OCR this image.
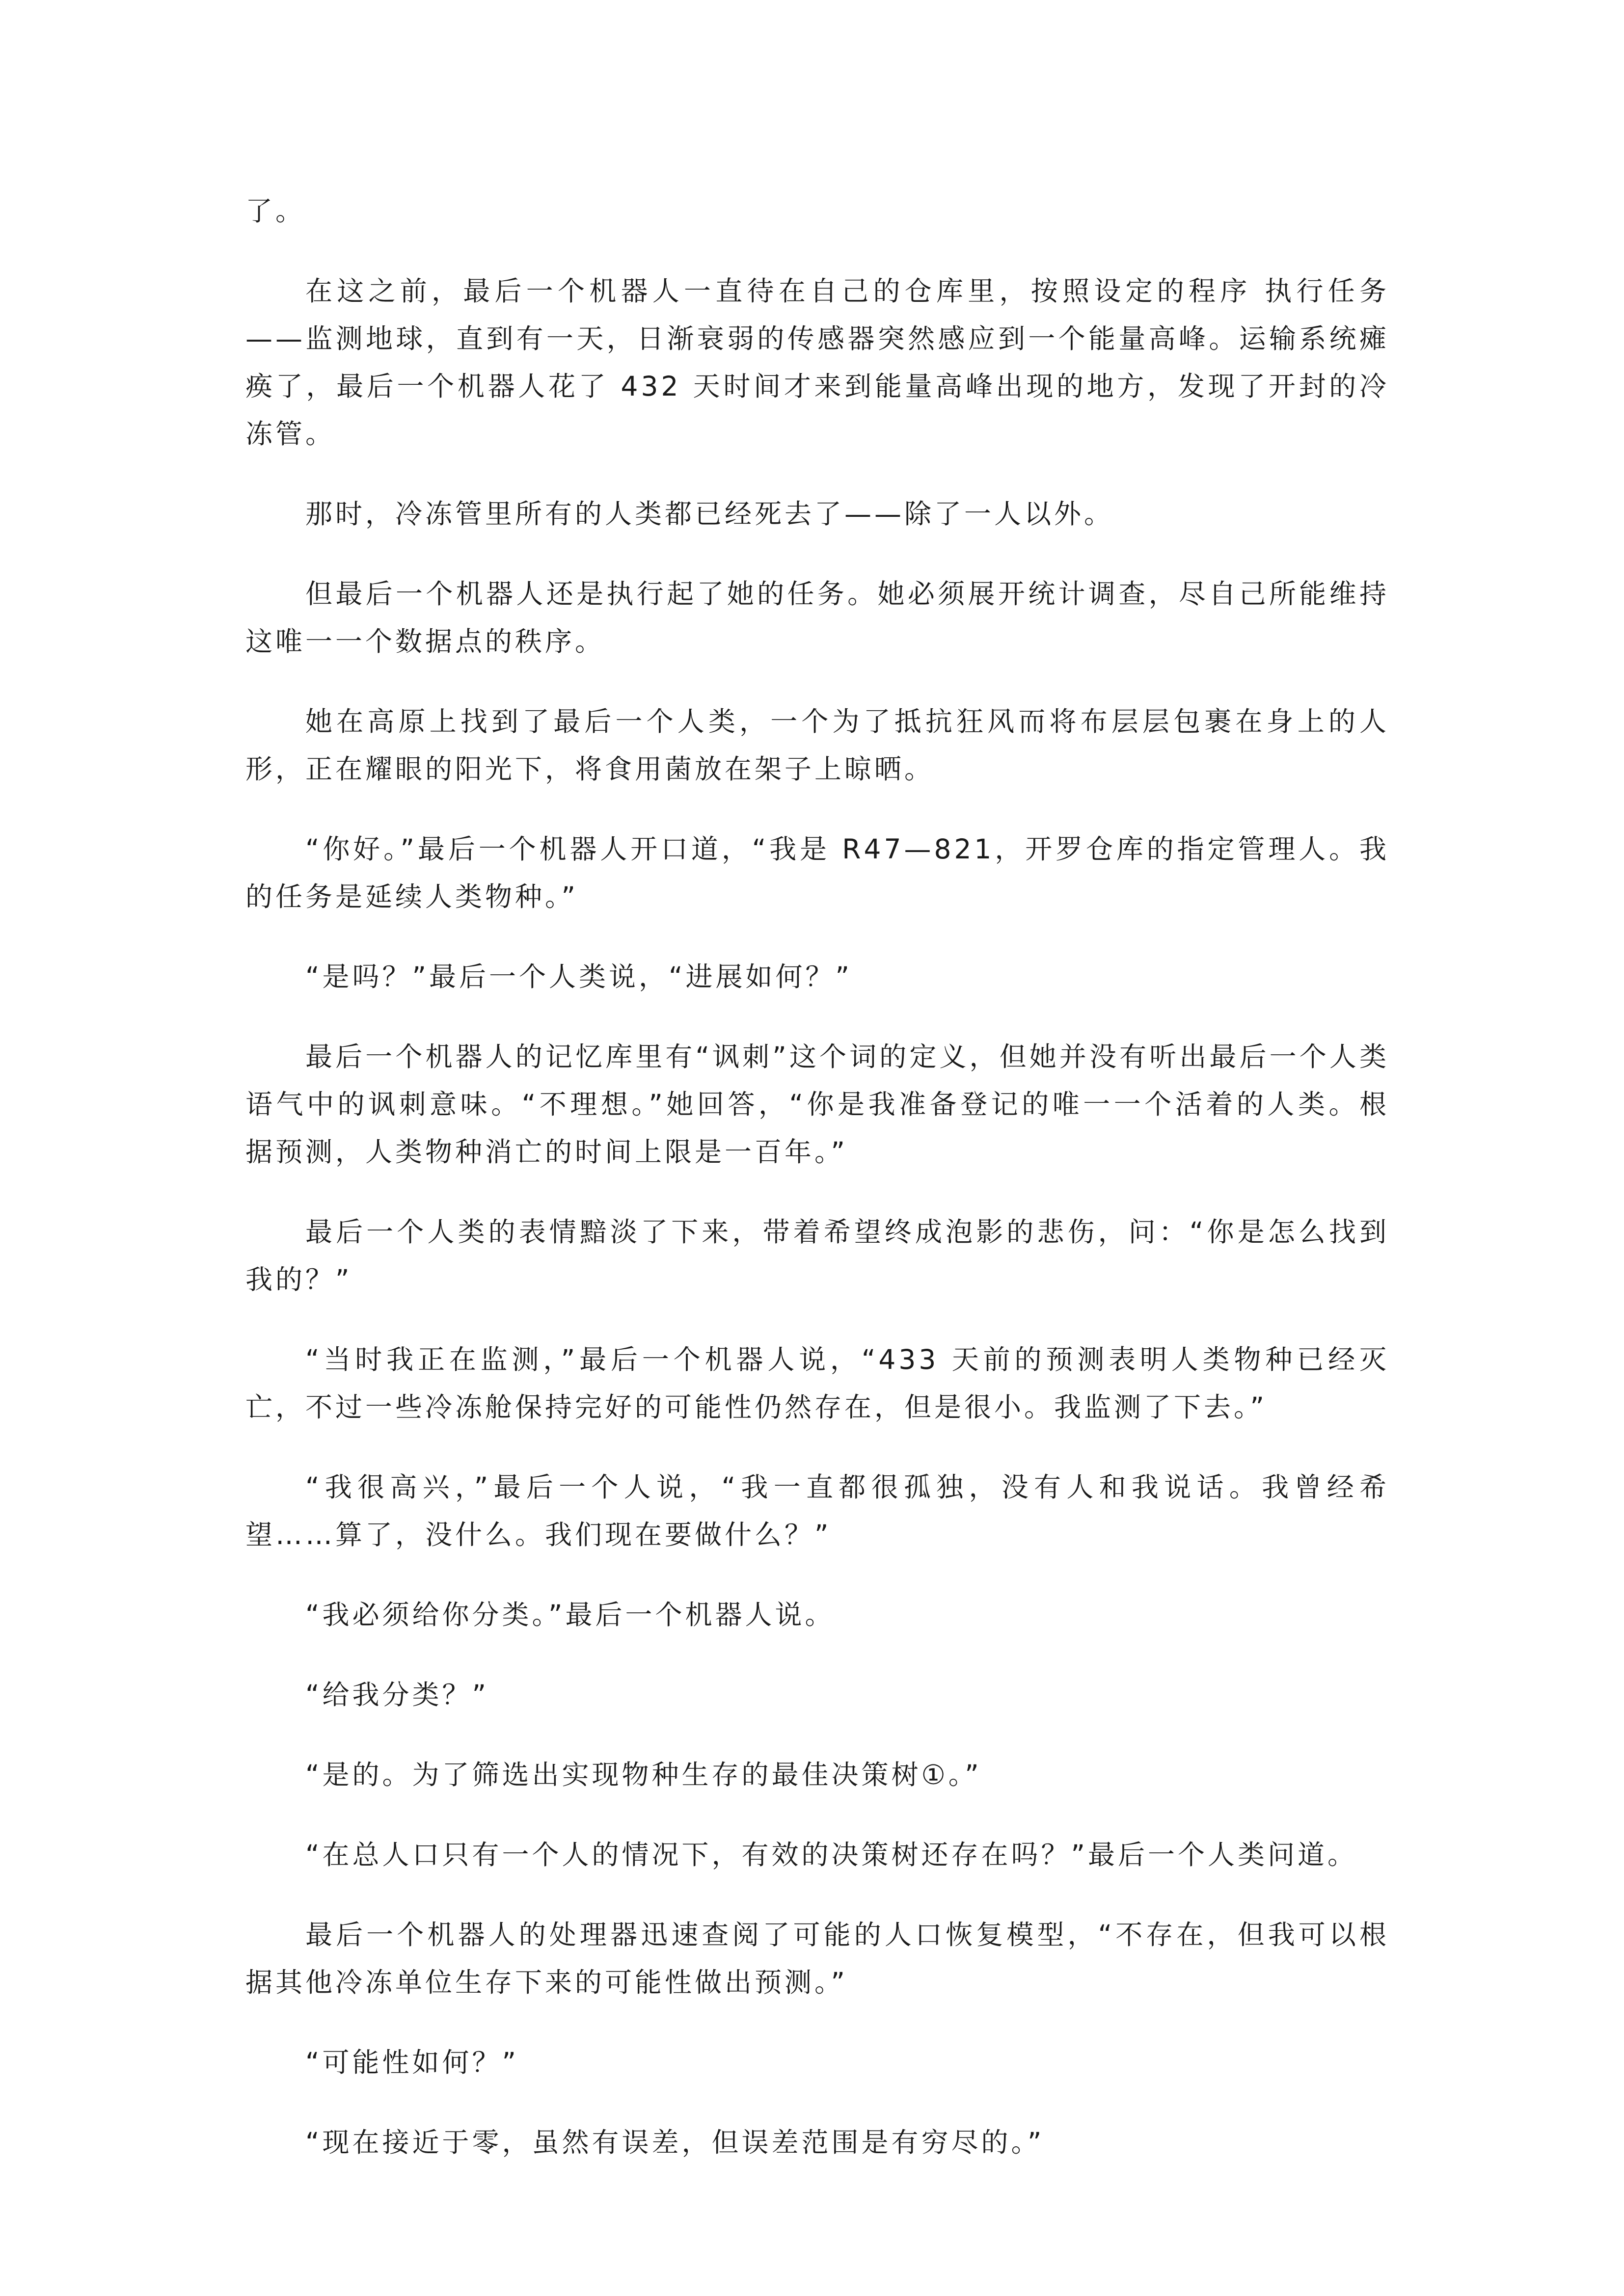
了。

在这之前，最后一个机器人一直待在自己的仓库里，按照设定的程序 执行任务——监测地球，直到有一天，日渐衰弱的传感器突然感应到一个能量高峰。运输系统瘫痪了，最后一个机器人花了 432 天时间才来到能量高峰出现的地方，发现了开封的冷冻管。

那时，冷冻管里所有的人类都已经死去了——除了一人以外。

但最后一个机器人还是执行起了她的任务。她必须展开统计调查，尽自己所能维持这唯一一个数据点的秩序。

她在高原上找到了最后一个人类，一个为了抵抗狂风而将布层层包裹在身上的人形，正在耀眼的阳光下，将食用菌放在架子上晾晒。

“你好。”最后一个机器人开口道，“我是 R47—821，开罗仓库的指定管理人。我的任务是延续人类物种。”

“是吗？”最后一个人类说，“进展如何？”

最后一个机器人的记忆库里有“讽刺”这个词的定义，但她并没有听出最后一个人类语气中的讽刺意味。“不理想。”她回答，“你是我准备登记的唯一一个活着的人类。根据预测，人类物种消亡的时间上限是一百年。”

最后一个人类的表情黯淡了下来，带着希望终成泡影的悲伤，问：“你是怎么找到我的？”

“当时我正在监测，”最后一个机器人说，“433 天前的预测表明人类物种已经灭亡，不过一些冷冻舱保持完好的可能性仍然存在，但是很小。我监测了下去。”

“我很高兴，”最后一个人说，“我一直都很孤独，没有人和我说话。我曾经希望……算了，没什么。我们现在要做什么？”

“我必须给你分类。”最后一个机器人说。

“给我分类？”

“是的。为了筛选出实现物种生存的最佳决策树①。”

“在总人口只有一个人的情况下，有效的决策树还存在吗？”最后一个人类问道。

最后一个机器人的处理器迅速查阅了可能的人口恢复模型，“不存在，但我可以根据其他冷冻单位生存下来的可能性做出预测。”

“可能性如何？”

“现在接近于零，虽然有误差，但误差范围是有穷尽的。”
